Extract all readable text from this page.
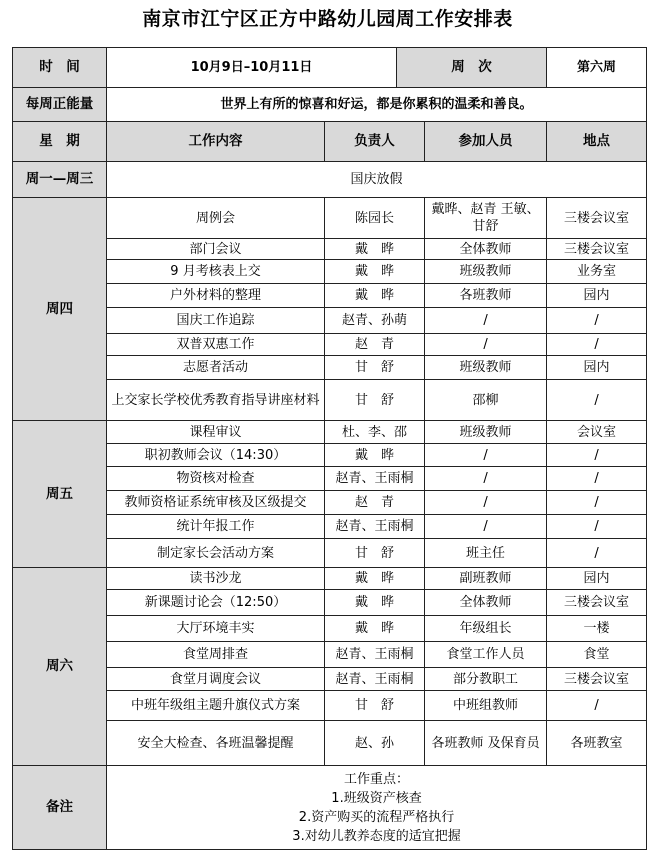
南京市江宁区正方中路幼儿园周工作安排表
时　间	10月9日–10月11日		周　次		第六周
每周正能量	世界上有所的惊喜和好运，都是你累积的温柔和善良。				
星　期	工作内容	负责人		参加人员	地点
周一—周三	国庆放假				
周四	周例会	陈园长		戴晔、赵青 王敏、甘舒	三楼会议室
	部门会议	戴　晔		全体教师	三楼会议室
	9 月考核表上交	戴　晔		班级教师	业务室
	户外材料的整理	戴　晔		各班教师	园内
	国庆工作追踪	赵青、孙萌		/	/
	双普双惠工作	赵　青		/	/
	志愿者活动	甘　舒		班级教师	园内
	上交家长学校优秀教育指导讲座材料	甘　舒		邵柳	/
周五	课程审议	杜、李、邵		班级教师	会议室
	职初教师会议（14:30）	戴　晔		/	/
	物资核对检查	赵青、王雨桐		/	/
	教师资格证系统审核及区级提交	赵　青		/	/
	统计年报工作	赵青、王雨桐		/	/
	制定家长会活动方案	甘　舒		班主任	/
周六	读书沙龙	戴　晔		副班教师	园内
	新课题讨论会（12:50）	戴　晔		全体教师	三楼会议室
	大厅环境丰实	戴　晔		年级组长	一楼
	食堂周排查	赵青、王雨桐		食堂工作人员	食堂
	食堂月调度会议	赵青、王雨桐		部分教职工	三楼会议室
	中班年级组主题升旗仪式方案	甘　舒		中班组教师	/
	安全大检查、各班温馨提醒	赵、孙		各班教师 及保育员	各班教室
备注	工作重点：
1.班级资产核查
2.资产购买的流程严格执行
3.对幼儿教养态度的适宜把握				
